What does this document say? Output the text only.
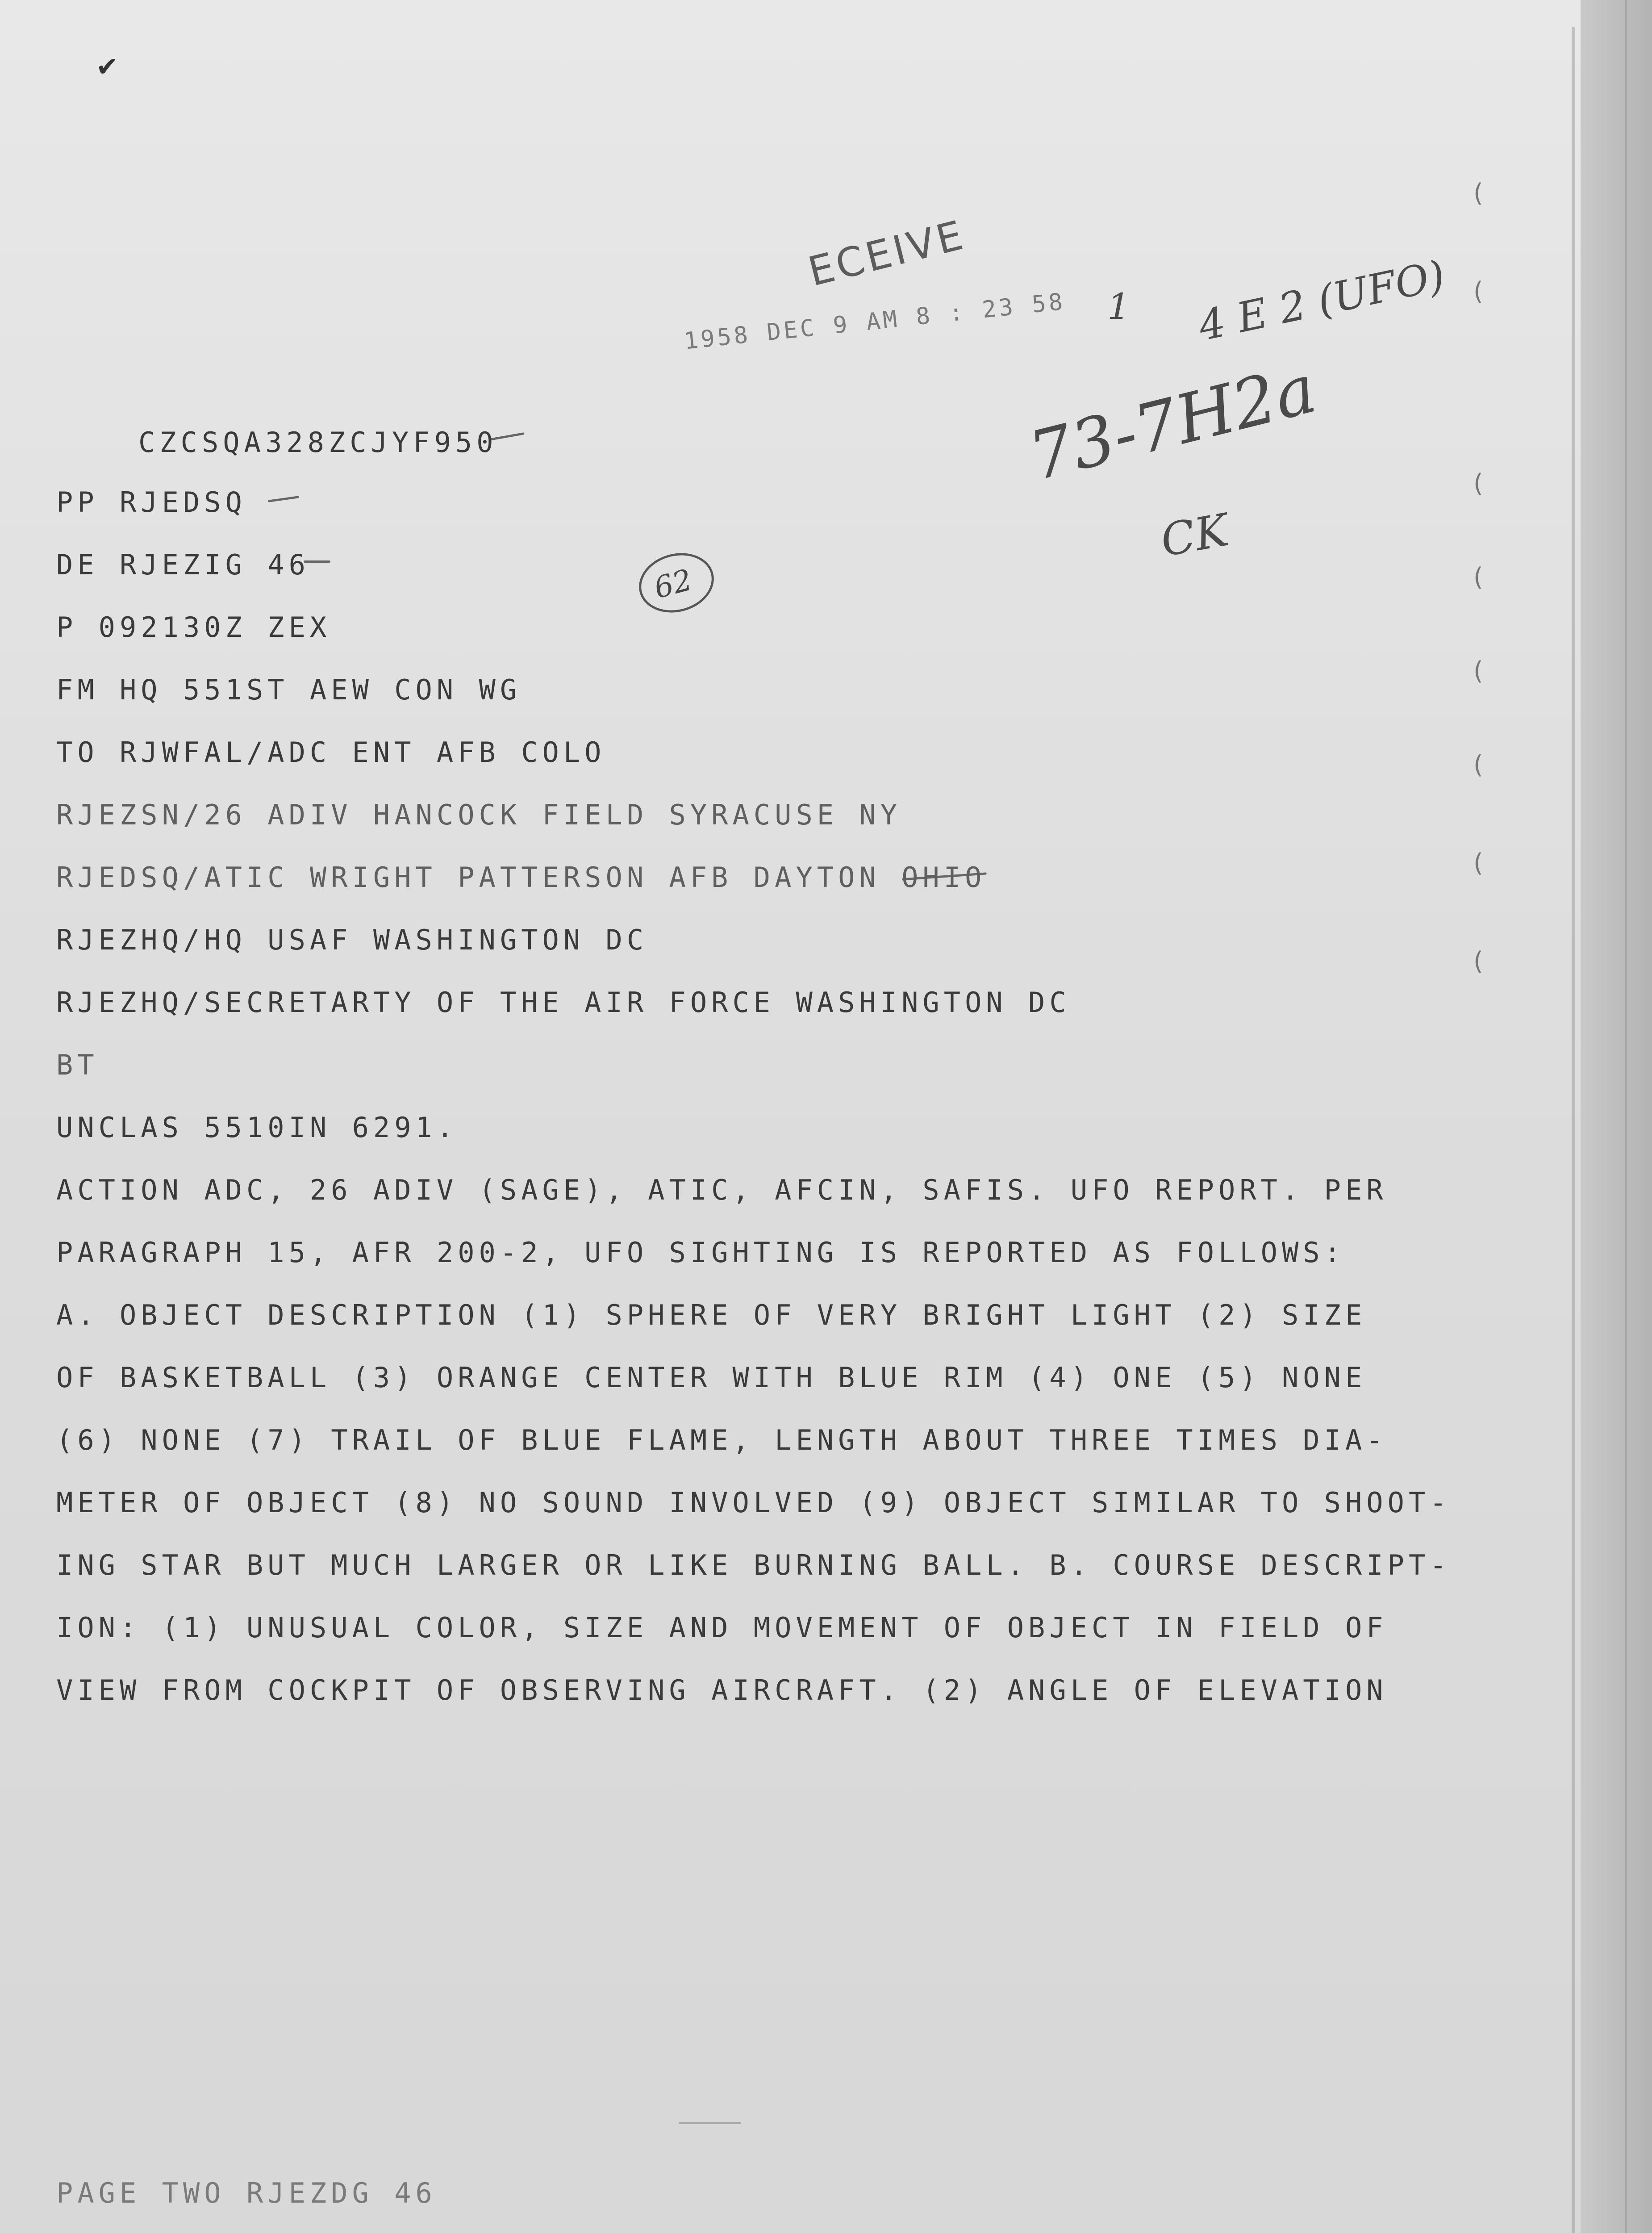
✔
ECEIVE
1958 DEC 9 AM 8 : 23 58 1 4 E 2 (UFO)
73-7H2a
CK
62
CZCSQA328ZCJYF950
PP RJEDSQ
DE RJEZIG 46
P 092130Z ZEX
FM HQ 551ST AEW CON WG
TO RJWFAL/ADC ENT AFB COLO
RJEZSN/26 ADIV HANCOCK FIELD SYRACUSE NY
RJEDSQ/ATIC WRIGHT PATTERSON AFB DAYTON OHIO
RJEZHQ/HQ USAF WASHINGTON DC
RJEZHQ/SECRETARTY OF THE AIR FORCE WASHINGTON DC
BT
UNCLAS 5510IN 6291.
ACTION ADC, 26 ADIV (SAGE), ATIC, AFCIN, SAFIS. UFO REPORT. PER
PARAGRAPH 15, AFR 200-2, UFO SIGHTING IS REPORTED AS FOLLOWS:
A. OBJECT DESCRIPTION (1) SPHERE OF VERY BRIGHT LIGHT (2) SIZE
OF BASKETBALL (3) ORANGE CENTER WITH BLUE RIM (4) ONE (5) NONE
(6) NONE (7) TRAIL OF BLUE FLAME, LENGTH ABOUT THREE TIMES DIA-
METER OF OBJECT (8) NO SOUND INVOLVED (9) OBJECT SIMILAR TO SHOOT-
ING STAR BUT MUCH LARGER OR LIKE BURNING BALL. B. COURSE DESCRIPT-
ION: (1) UNUSUAL COLOR, SIZE AND MOVEMENT OF OBJECT IN FIELD OF
VIEW FROM COCKPIT OF OBSERVING AIRCRAFT. (2) ANGLE OF ELEVATION
PAGE TWO RJEZDG 46
(
(
(
(
(
(
(
(
